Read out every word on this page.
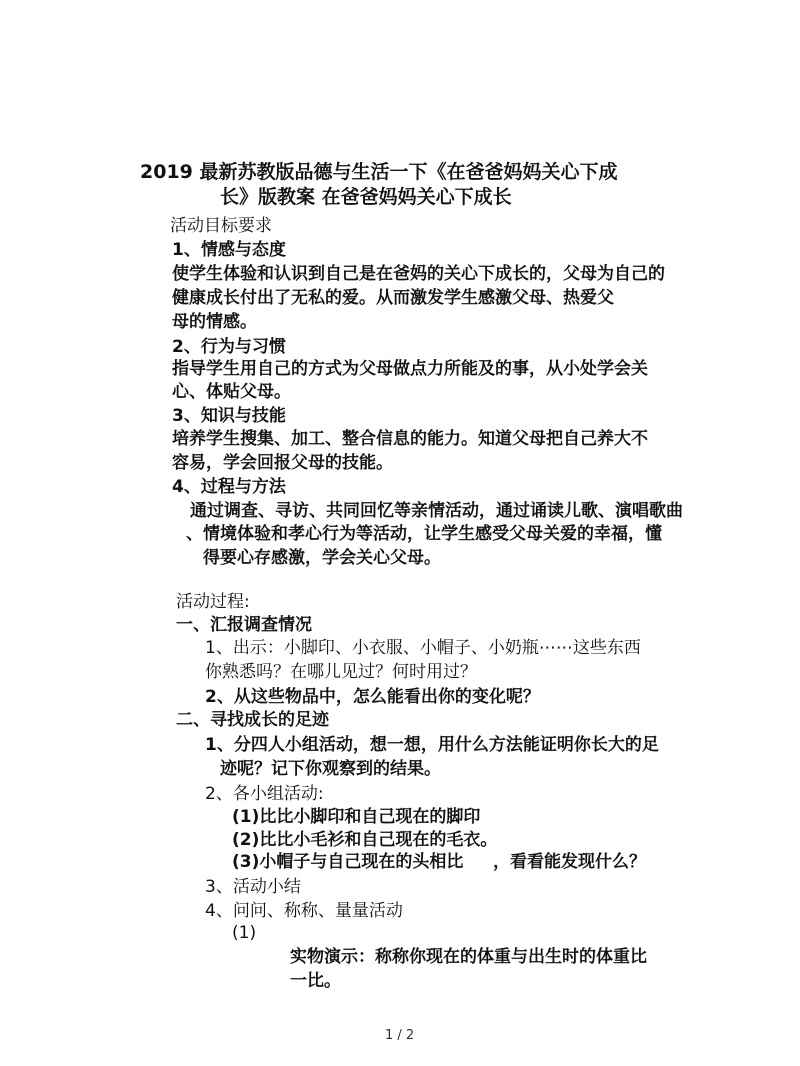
2019 最新苏教版品德与生活一下《在爸爸妈妈关心下成

长》版教案 在爸爸妈妈关心下成长

活动目标要求

1、情感与态度

使学生体验和认识到自己是在爸妈的关心下成长的，父母为自己的

健康成长付出了无私的爱。从而激发学生感激父母、热爱父

母的情感。

2、行为与习惯

指导学生用自己的方式为父母做点力所能及的事，从小处学会关

心、体贴父母。

3、知识与技能

培养学生搜集、加工、整合信息的能力。知道父母把自己养大不

容易，学会回报父母的技能。

4、过程与方法

通过调查、寻访、共同回忆等亲情活动，通过诵读儿歌、演唱歌曲

、情境体验和孝心行为等活动，让学生感受父母关爱的幸福，懂

得要心存感激，学会关心父母。

活动过程:

一、汇报调查情况

1、出示：小脚印、小衣服、小帽子、小奶瓶⋯⋯这些东西

你熟悉吗？在哪儿见过？何时用过？

2、从这些物品中，怎么能看出你的变化呢？

二、寻找成长的足迹

1、分四人小组活动，想一想，用什么方法能证明你长大的足

迹呢？记下你观察到的结果。

2、各小组活动:

(1)比比小脚印和自己现在的脚印

(2)比比小毛衫和自己现在的毛衣。

(3)小帽子与自己现在的头相比 ，看看能发现什么？

3、活动小结

4、问问、称称、量量活动

(1)

实物演示：称称你现在的体重与出生时的体重比

一比。

1 / 2
